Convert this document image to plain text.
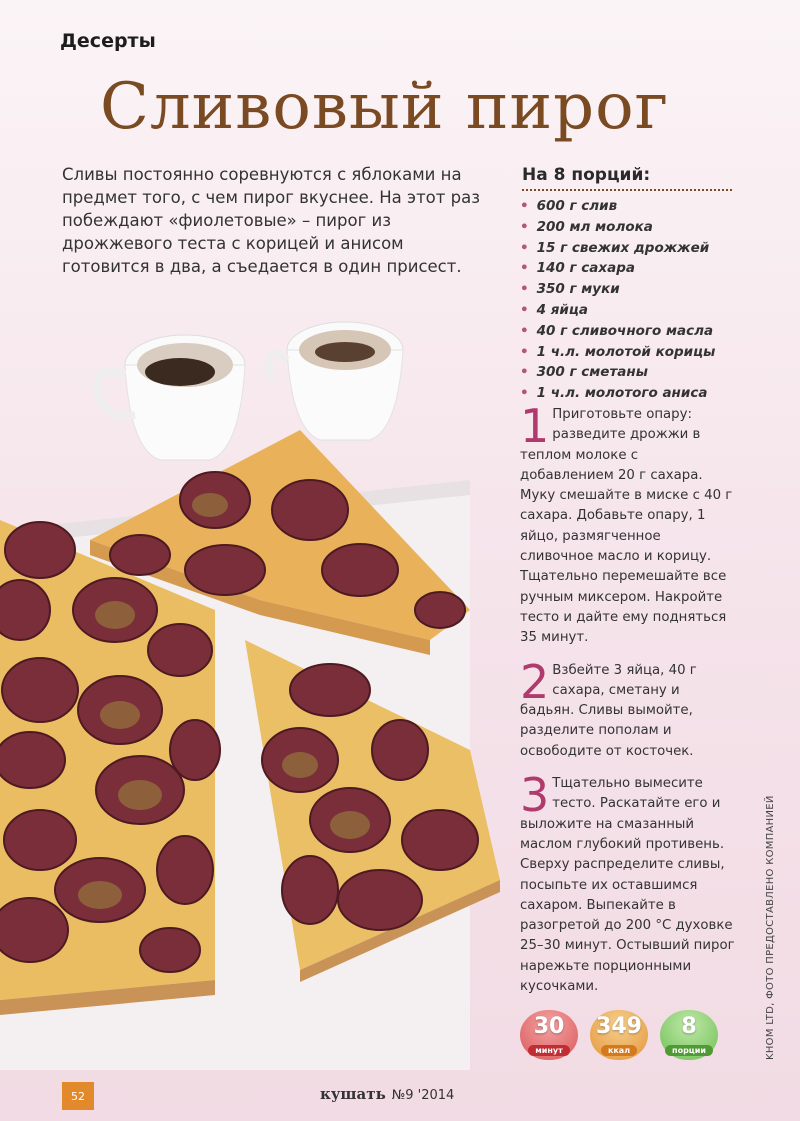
Десерты
Сливовый пирог
Сливы постоянно соревнуются с яблоками на предмет того, с чем пирог вкуснее. На этот раз побеждают «фиолетовые» – пирог из дрожжевого теста с корицей и анисом готовится в два, а съедается в один присест.
На 8 порций:
• 600 г слив
• 200 мл молока
• 15 г свежих дрожжей
• 140 г сахара
• 350 г муки
• 4 яйца
• 40 г сливочного масла
• 1 ч.л. молотой корицы
• 300 г сметаны
• 1 ч.л. молотого аниса
1 Приготовьте опару: разведите дрожжи в теплом молоке с добавлением 20 г сахара. Муку смешайте в миске с 40 г сахара. Добавьте опару, 1 яйцо, размягченное сливочное масло и корицу. Тщательно перемешайте все ручным миксером. Накройте тесто и дайте ему подняться 35 минут.
2 Взбейте 3 яйца, 40 г сахара, сметану и бадьян. Сливы вымойте, разделите пополам и освободите от косточек.
3 Тщательно вымесите тесто. Раскатайте его и выложите на смазанный маслом глубокий противень. Сверху распределите сливы, посыпьте их оставшимся сахаром. Выпекайте в разогретой до 200 °С духовке 25–30 минут. Остывший пирог нарежьте порционными кусочками.
30
минут
349
ккал
8
порции	KHOM LTD, ФОТО ПРЕДОСТАВЛЕНО КОМПАНИЕЙ
52	кушать №9 '2014
